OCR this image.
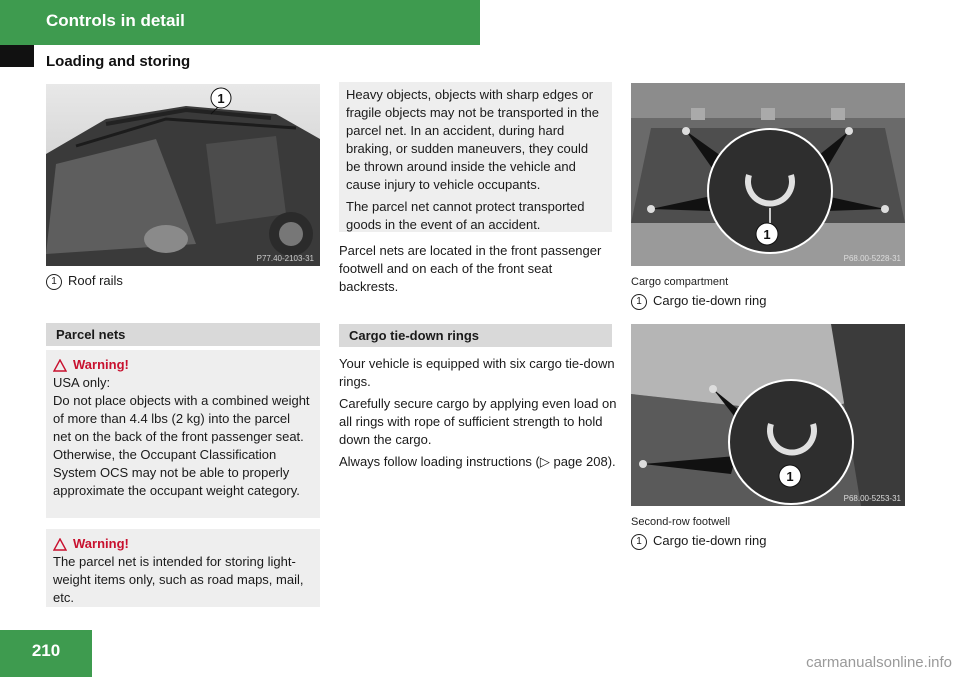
Controls in detail
Loading and storing
1
P77.40-2103-31
1 Roof rails
Parcel nets
Warning!
USA only:
Do not place objects with a combined weight of more than 4.4 lbs (2 kg) into the parcel net on the back of the front passenger seat. Otherwise, the Occupant Classification System OCS may not be able to properly approximate the occupant weight category.
Warning!
The parcel net is intended for storing light-weight items only, such as road maps, mail, etc.
Heavy objects, objects with sharp edges or fragile objects may not be transported in the parcel net. In an accident, during hard braking, or sudden maneuvers, they could be thrown around inside the vehicle and cause injury to vehicle occupants.
The parcel net cannot protect transported goods in the event of an accident.

Parcel nets are located in the front passenger footwell and on each of the front seat backrests.

Cargo tie-down rings

Your vehicle is equipped with six cargo tie-down rings.

Carefully secure cargo by applying even load on all rings with rope of sufficient strength to hold down the cargo.

Always follow loading instructions (▷ page 208).

1
P68.00-5228-31
Cargo compartment
1 Cargo tie-down ring
1
P68.00-5253-31
Second-row footwell
1 Cargo tie-down ring
210
carmanualsonline.info
